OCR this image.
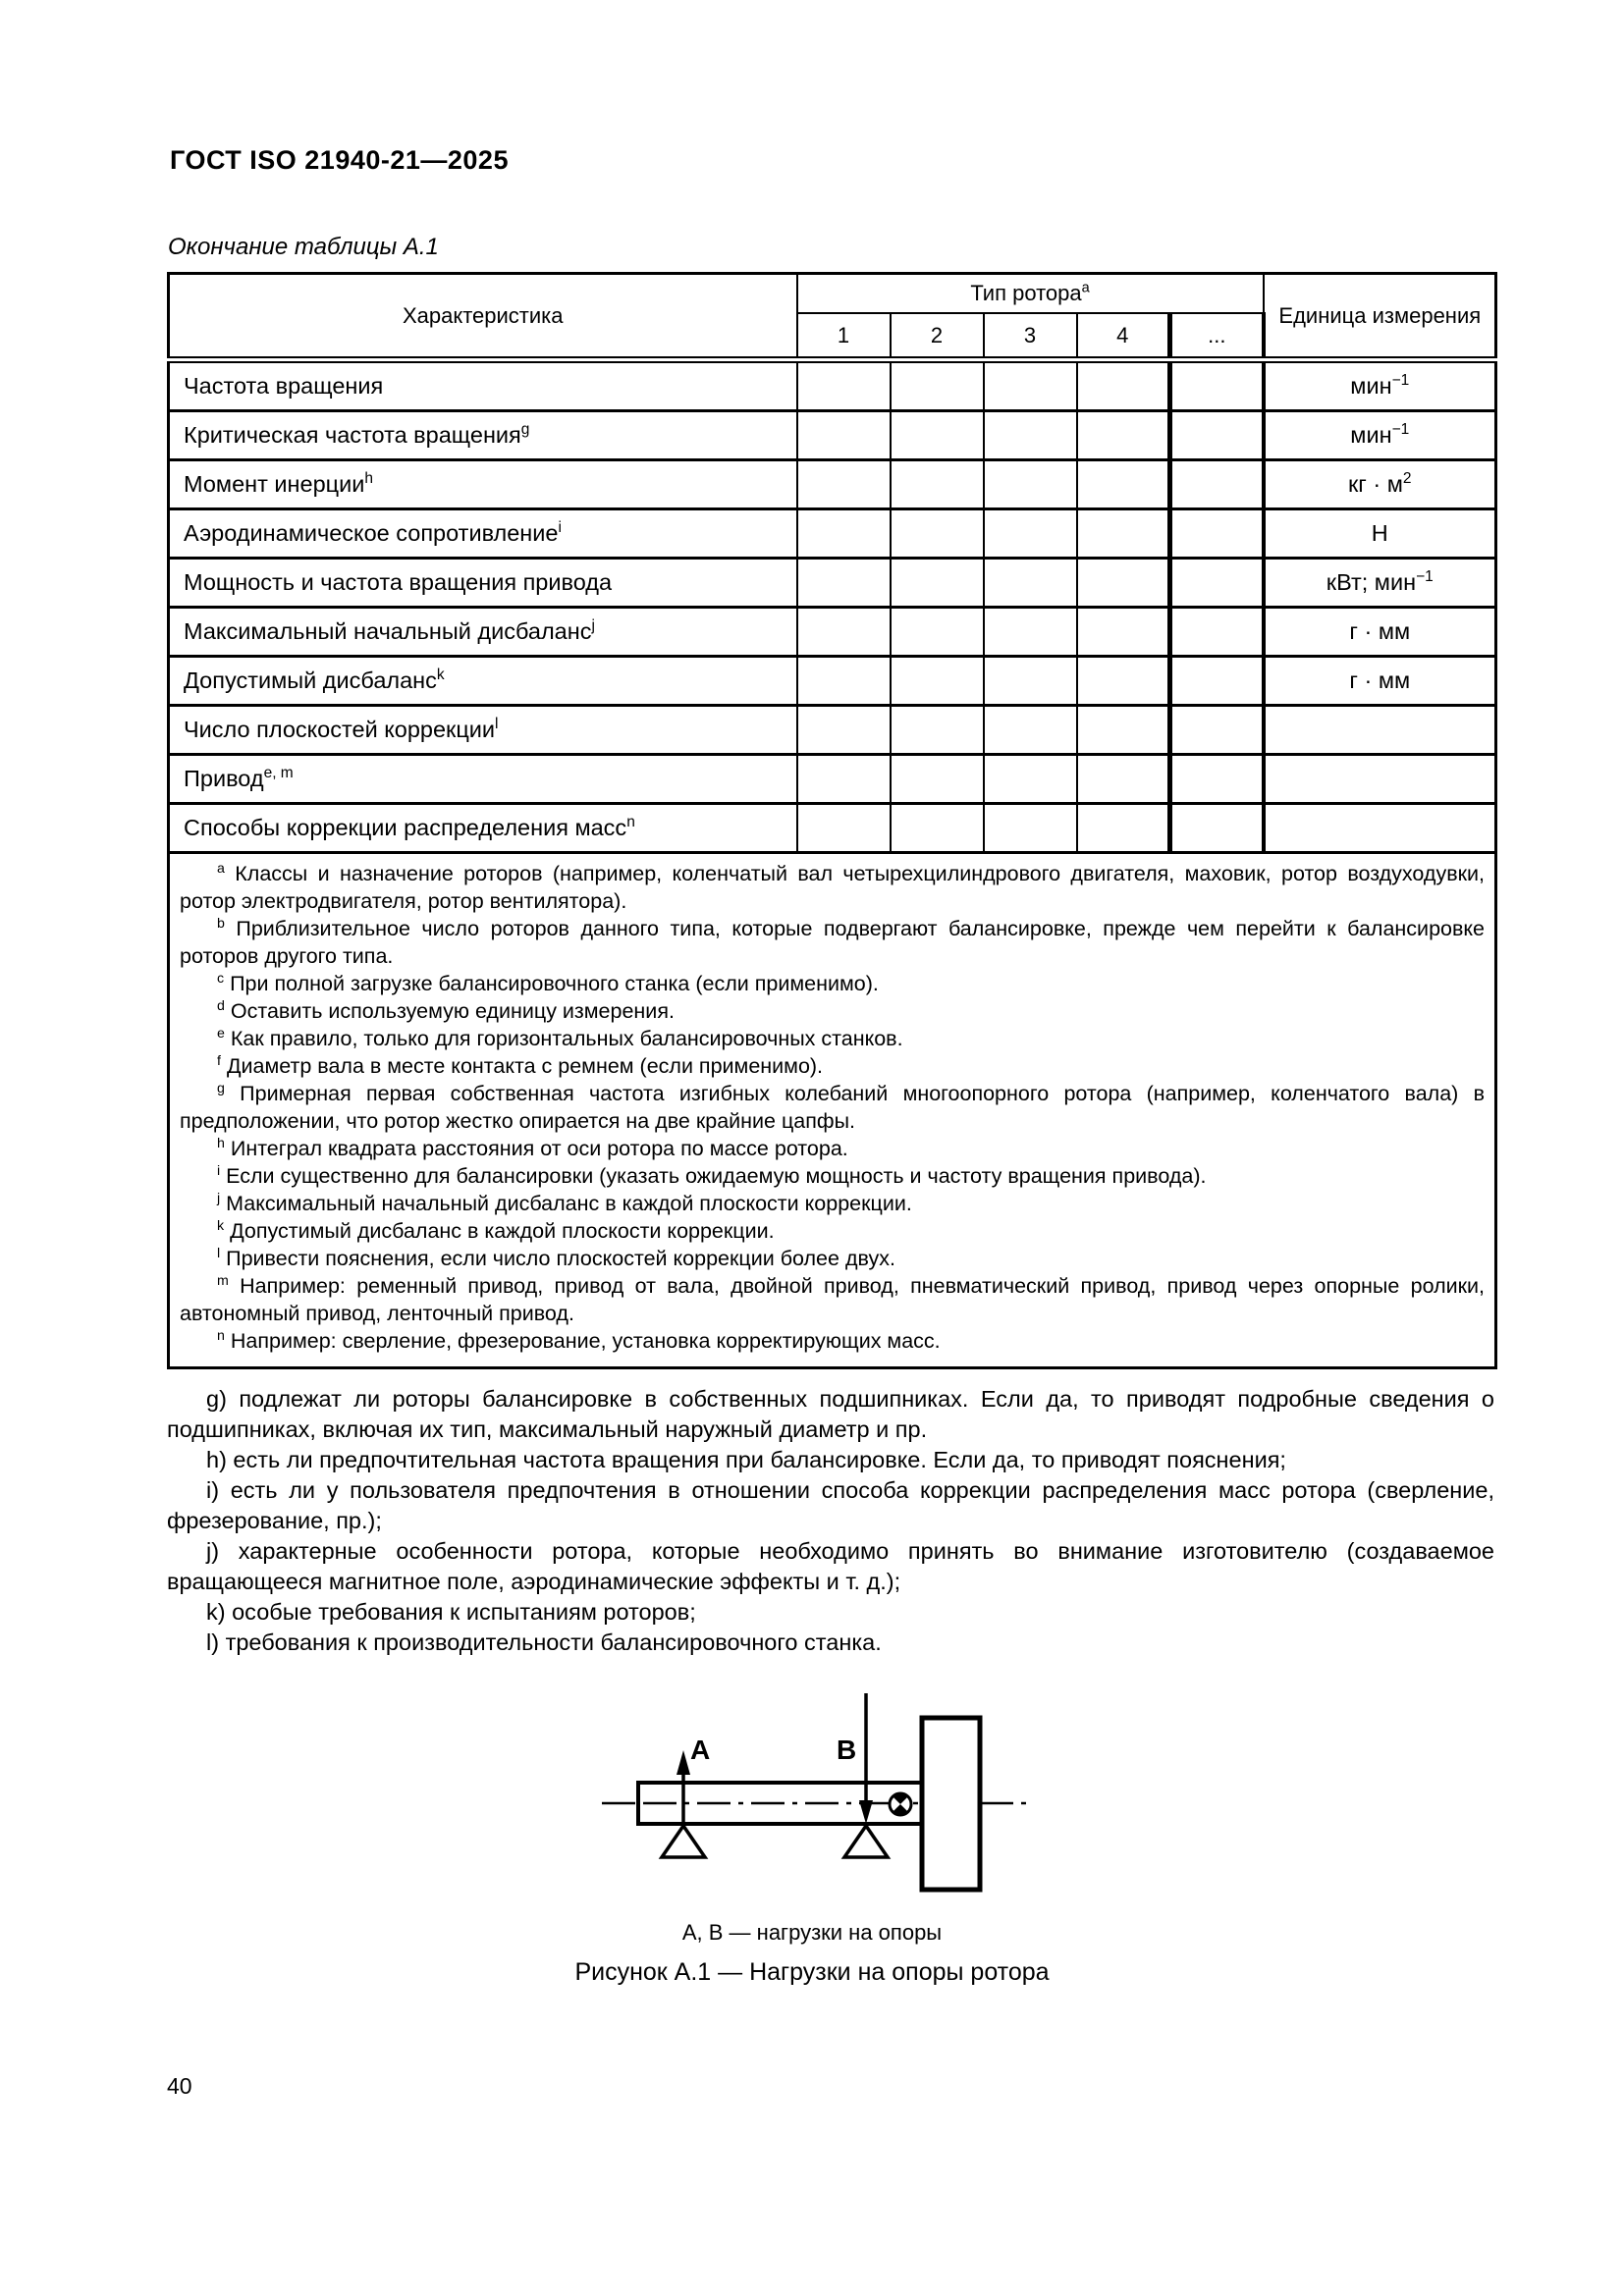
ГОСТ ISO 21940-21—2025
Окончание таблицы А.1
Характеристика	Тип ротора$^a$					Единица измерения
	1	2	3	4	...	
Частота вращения						мин$^{-1}$
Критическая частота вращения$^g$						мин$^{-1}$
Момент инерции$^h$						кг · $м^2$
Аэродинамическое сопротивление$^i$						Н
Мощность и частота вращения привода						кВт; мин$^{-1}$
Максимальный начальный дисбаланс$^j$						г · мм
Допустимый дисбаланс$^k$						г · мм
Число плоскостей коррекции$^l$						
Привод$^{e, m}$						
Способы коррекции распределения масс$^n$						

$^a$ Классы и назначение роторов (например, коленчатый вал четырехцилиндрового двигателя, маховик, ротор воздуходувки, ротор электродвигателя, ротор вентилятора).

$^b$ Приблизительное число роторов данного типа, которые подвергают балансировке, прежде чем перейти к балансировке роторов другого типа.

$^c$ При полной загрузке балансировочного станка (если применимо).

$^d$ Оставить используемую единицу измерения.

$^e$ Как правило, только для горизонтальных балансировочных станков.

$^f$ Диаметр вала в месте контакта с ремнем (если применимо).

$^g$ Примерная первая собственная частота изгибных колебаний многоопорного ротора (например, коленчатого вала) в предположении, что ротор жестко опирается на две крайние цапфы.

$^h$ Интеграл квадрата расстояния от оси ротора по массе ротора.

$^i$ Если существенно для балансировки (указать ожидаемую мощность и частоту вращения привода).

$^j$ Максимальный начальный дисбаланс в каждой плоскости коррекции.

$^k$ Допустимый дисбаланс в каждой плоскости коррекции.

$^l$ Привести пояснения, если число плоскостей коррекции более двух.

$^m$ Например: ременный привод, привод от вала, двойной привод, пневматический привод, привод через опорные ролики, автономный привод, ленточный привод.

$^n$ Например: сверление, фрезерование, установка корректирующих масс.

g) подлежат ли роторы балансировке в собственных подшипниках. Если да, то приводят подробные сведения о подшипниках, включая их тип, максимальный наружный диаметр и пр.

h) есть ли предпочтительная частота вращения при балансировке. Если да, то приводят пояснения;

i) есть ли у пользователя предпочтения в отношении способа коррекции распределения масс ротора (сверление, фрезерование, пр.);

j) характерные особенности ротора, которые необходимо принять во внимание изготовителю (создаваемое вращающееся магнитное поле, аэродинамические эффекты и т. д.);

k) особые требования к испытаниям роторов;

l) требования к производительности балансировочного станка.

A	B
А, В — нагрузки на опоры
Рисунок А.1 — Нагрузки на опоры ротора
40
